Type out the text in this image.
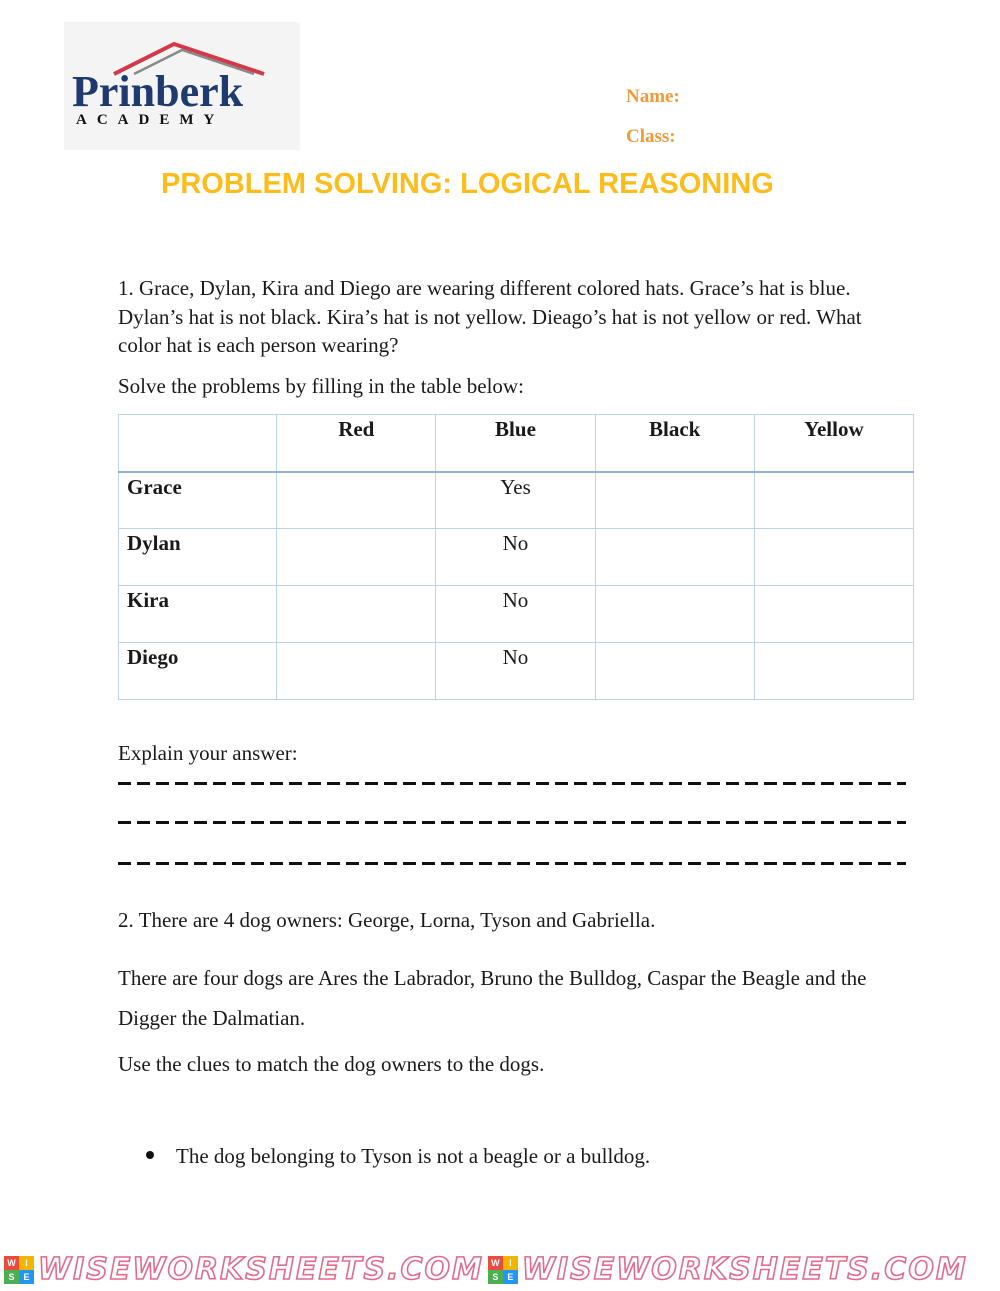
Prinberk
ACADEMY
Name:
Class:
PROBLEM SOLVING: LOGICAL REASONING
1. Grace, Dylan, Kira and Diego are wearing different colored hats. Grace’s hat is blue. Dylan’s hat is not black. Kira’s hat is not yellow. Dieago’s hat is not yellow or red. What color hat is each person wearing?
Solve the problems by filling in the table below:
	Red	Blue	Black	Yellow
Grace		Yes		
Dylan		No		
Kira		No		
Diego		No		
Explain your answer:
2. There are 4 dog owners: George, Lorna, Tyson and Gabriella.
There are four dogs are Ares the Labrador, Bruno the Bulldog, Caspar the Beagle and the Digger the Dalmatian.
Use the clues to match the dog owners to the dogs.
The dog belonging to Tyson is not a beagle or a bulldog.
W	I
S E WISEWORKSHEETS.COM W	I
S E WISEWORKSHEETS.COM
